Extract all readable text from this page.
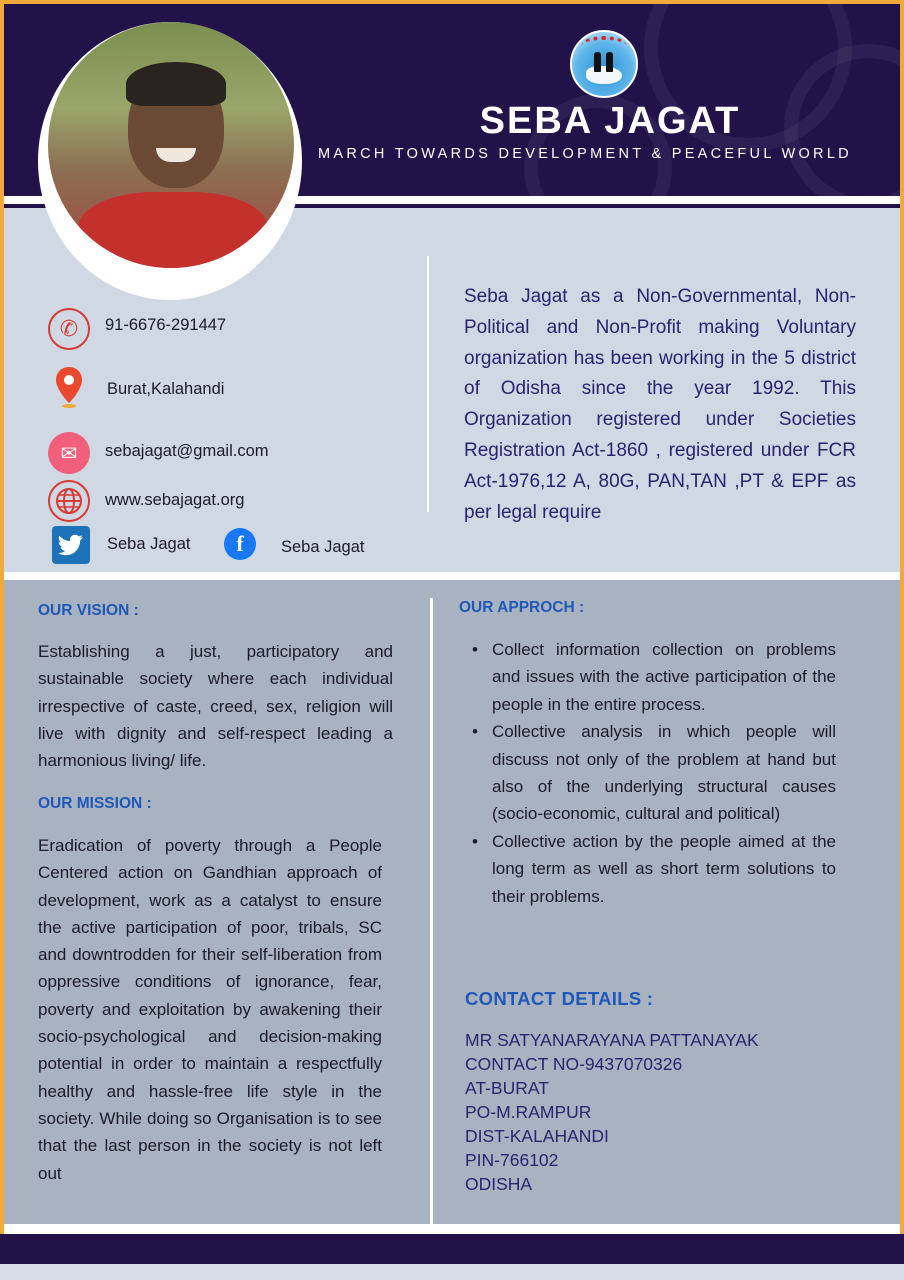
SEBA JAGAT
MARCH TOWARDS DEVELOPMENT & PEACEFUL WORLD
✆	91-6676-291447
Burat,Kalahandi
✉	sebajagat@gmail.com
www.sebajagat.org
Seba Jagat	f	Seba Jagat
Seba Jagat as a Non-Governmental, Non-Political and Non-Profit making Voluntary organization has been working in the 5 district of Odisha since the year 1992. This Organization registered under Societies Registration Act-1860 , registered under FCR Act-1976,12 A, 80G, PAN,TAN ,PT & EPF as per legal require
OUR VISION :
Establishing a just, participatory and sustainable society where each individual irrespective of caste, creed, sex, religion will live with dignity and self-respect leading a harmonious living/ life.
OUR MISSION :
Eradication of poverty through a People Centered action on Gandhian approach of development, work as a catalyst to ensure the active participation of poor, tribals, SC and downtrodden for their self-liberation from oppressive conditions of ignorance, fear, poverty and exploitation by awakening their socio-psychological and decision-making potential in order to maintain a respectfully healthy and hassle-free life style in the society. While doing so Organisation is to see that the last person in the society is not left out
OUR APPROCH :
• Collect information collection on problems and issues with the active participation of the people in the entire process.
• Collective analysis in which people will discuss not only of the problem at hand but also of the underlying structural causes (socio-economic, cultural and political)
• Collective action by the people aimed at the long term as well as short term solutions to their problems.
CONTACT DETAILS :
MR SATYANARAYANA PATTANAYAK
CONTACT NO-9437070326
AT-BURAT
PO-M.RAMPUR
DIST-KALAHANDI
PIN-766102
ODISHA
